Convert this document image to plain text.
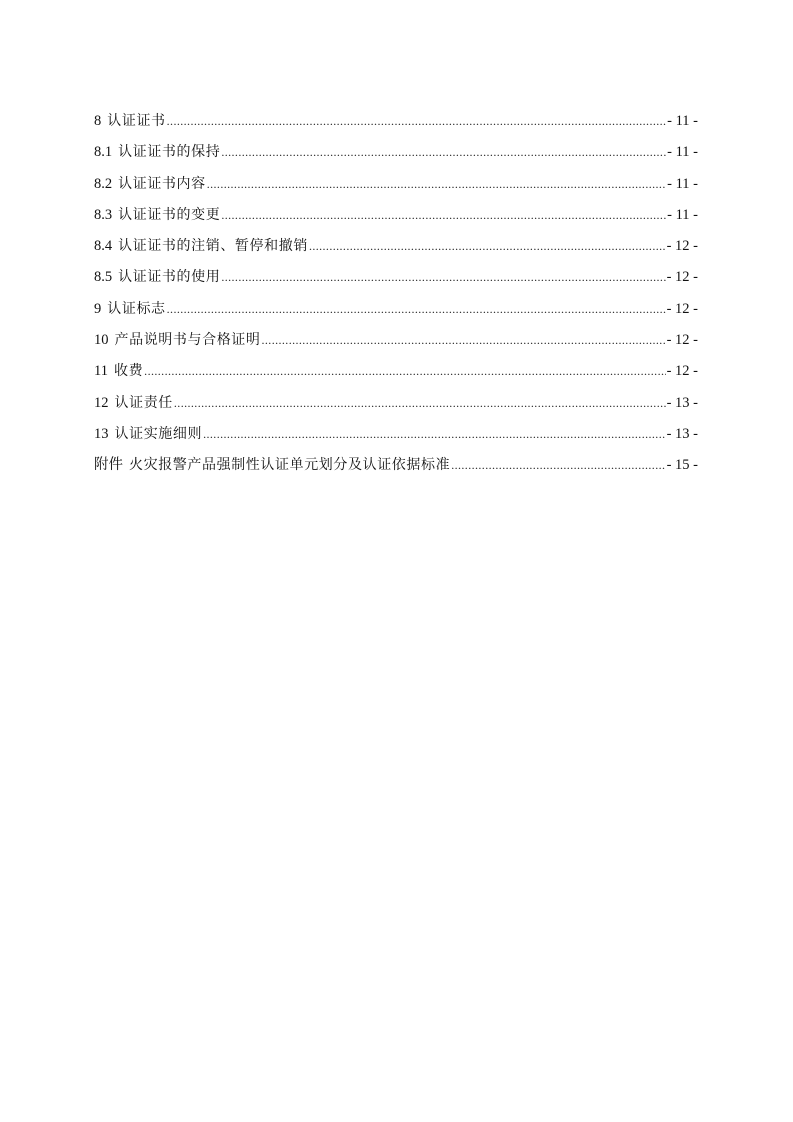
8 认证证书 .....	- 11 -
8.1 认证证书的保持 .....	- 11 -
8.2 认证证书内容 .....	- 11 -
8.3 认证证书的变更 .....	- 11 -
8.4 认证证书的注销、暂停和撤销 .....	- 12 -
8.5 认证证书的使用 .....	- 12 -
9 认证标志 .....	- 12 -
10 产品说明书与合格证明 .....	- 12 -
11 收费 .....	- 12 -
12 认证责任 .....	- 13 -
13 认证实施细则 .....	- 13 -
附件 火灾报警产品强制性认证单元划分及认证依据标准 .....	- 15 -
